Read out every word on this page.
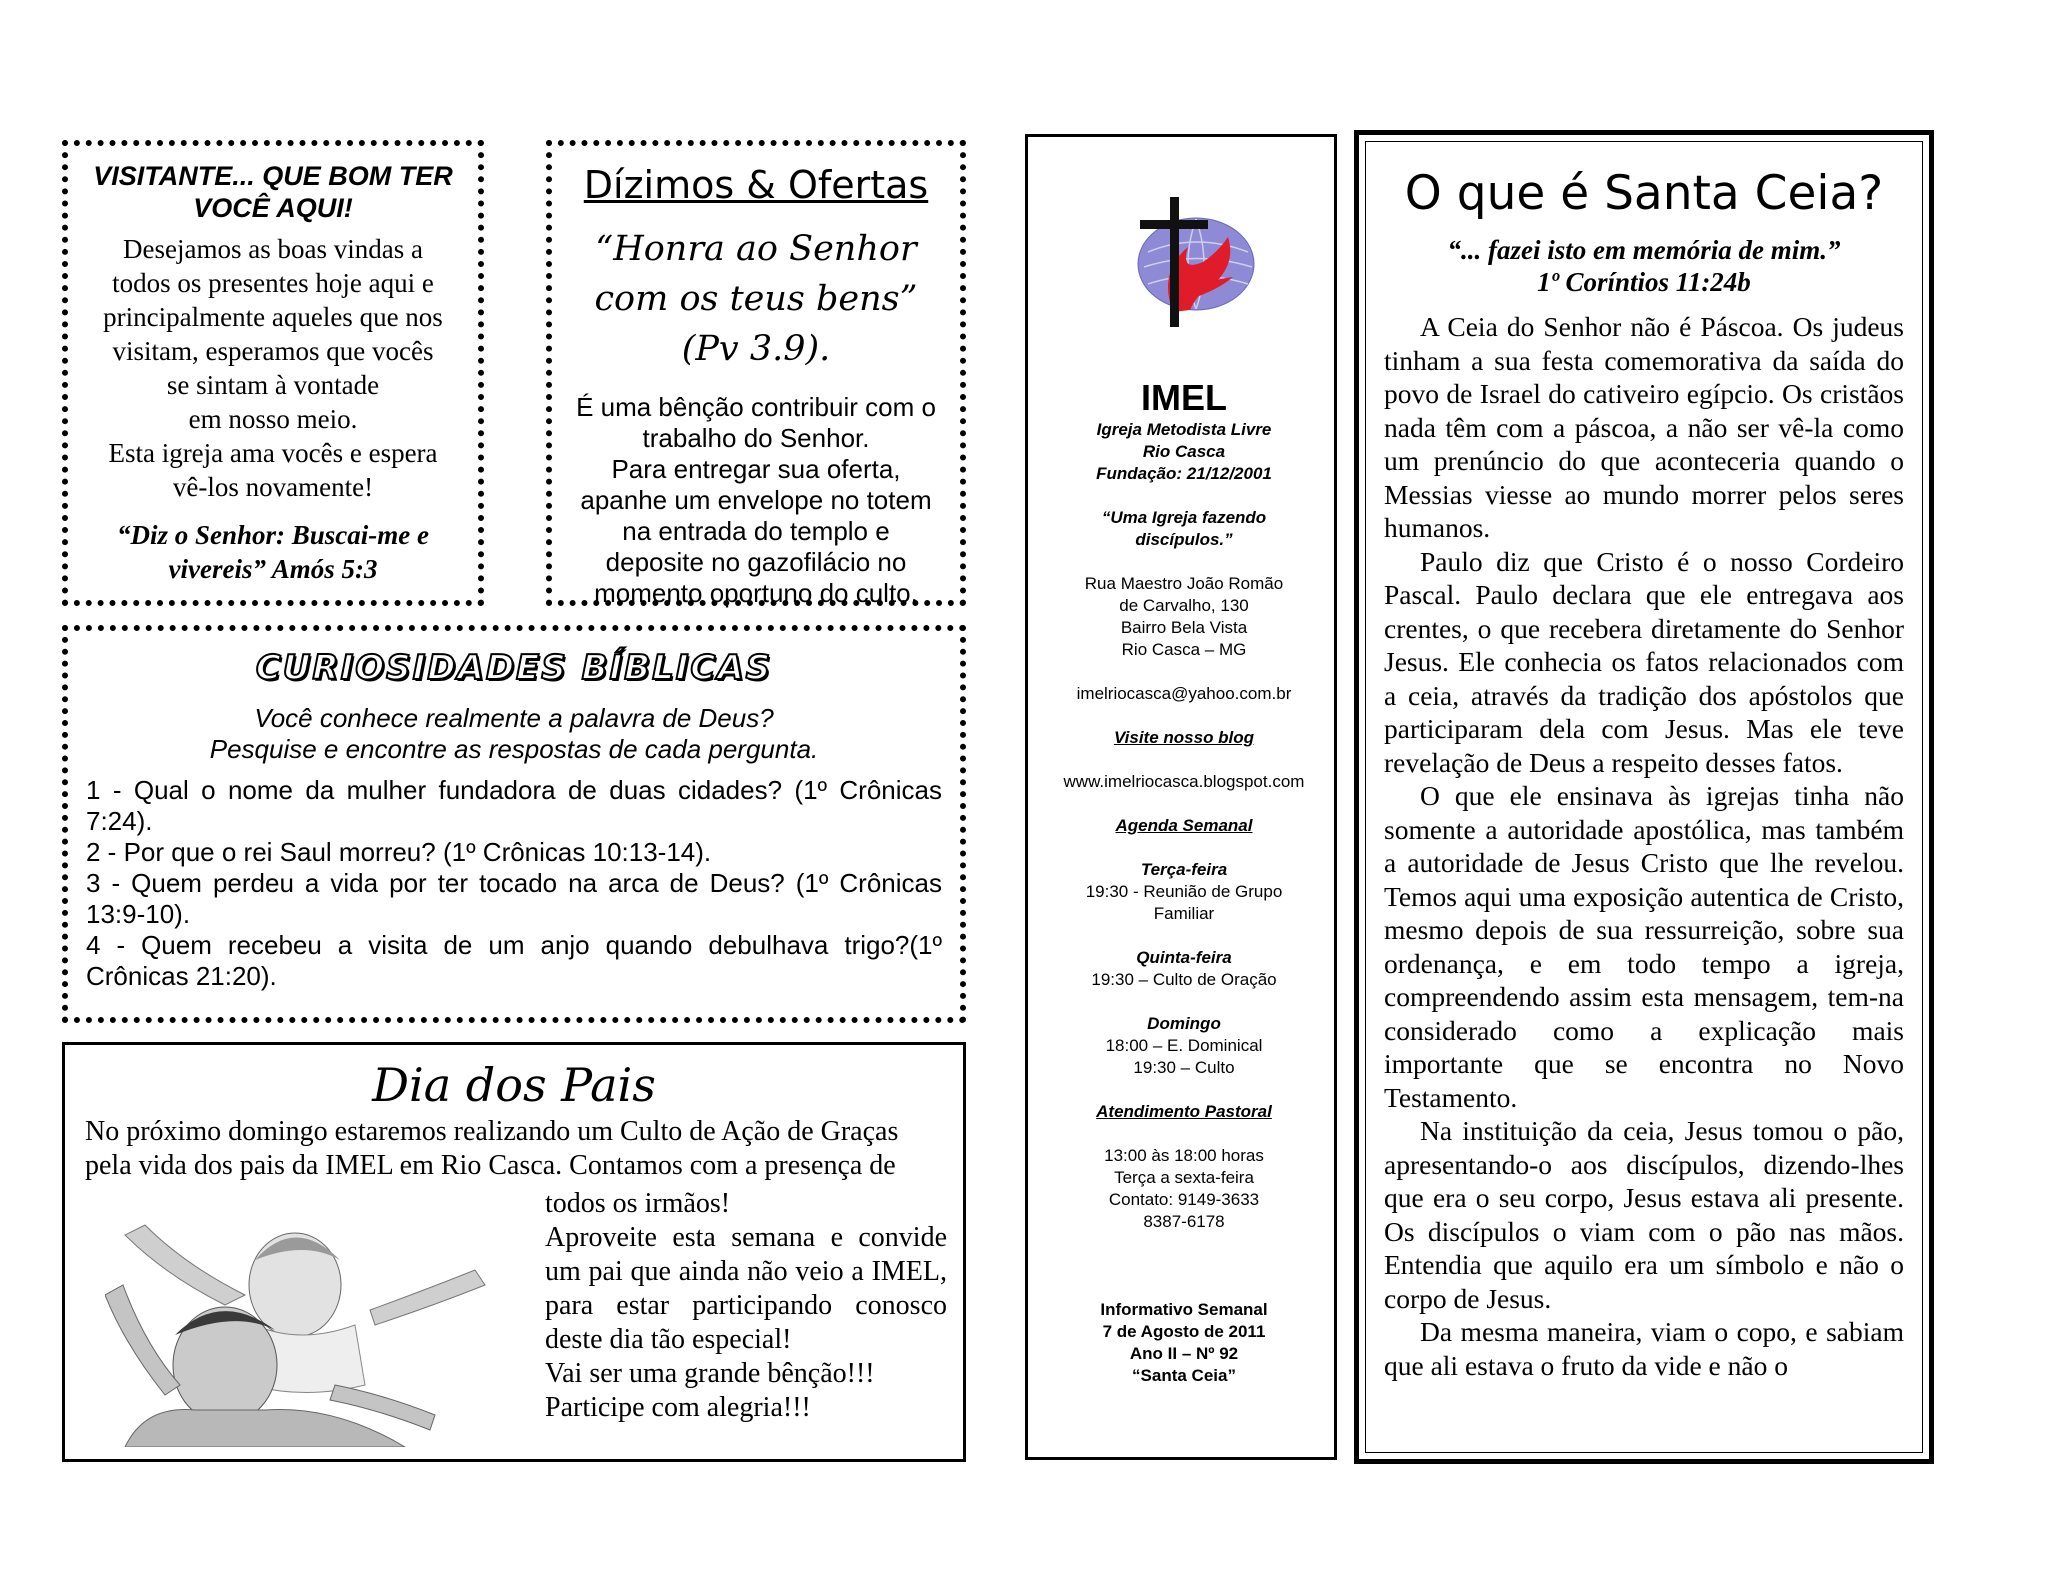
VISITANTE... QUE BOM TER VOCÊ AQUI!

Desejamos as boas vindas a

todos os presentes hoje aqui e

principalmente aqueles que nos

visitam, esperamos que vocês

se sintam à vontade

em nosso meio.

Esta igreja ama vocês e espera

vê-los novamente!

“Diz o Senhor: Buscai-me e vivereis” Amós 5:3

Dízimos & Ofertas

“Honra ao Senhor com os teus bens” (Pv 3.9).

É uma bênção contribuir com o

trabalho do Senhor.

Para entregar sua oferta,

apanhe um envelope no totem

na entrada do templo e

deposite no gazofilácio no

momento oportuno do culto.

CURIOSIDADES BÍBLICAS

Você conhece realmente a palavra de Deus?

Pesquise e encontre as respostas de cada pergunta.

1 - Qual o nome da mulher fundadora de duas cidades? (1º Crônicas 7:24).

2 - Por que o rei Saul morreu? (1º Crônicas 10:13-14).

3 - Quem perdeu a vida por ter tocado na arca de Deus? (1º Crônicas 13:9-10).

4 - Quem recebeu a visita de um anjo quando debulhava trigo?(1º Crônicas 21:20).

Dia dos Pais

No próximo domingo estaremos realizando um Culto de Ação de Graças pela vida dos pais da IMEL em Rio Casca. Contamos com a presença de

todos os irmãos!

Aproveite esta semana e convide um pai que ainda não veio a IMEL, para estar participando conosco deste dia tão especial!

Vai ser uma grande bênção!!!

Participe com alegria!!!

IMEL

Igreja Metodista Livre

Rio Casca

Fundação: 21/12/2001

“Uma Igreja fazendo discípulos.”

Rua Maestro João Romão

de Carvalho, 130

Bairro Bela Vista

Rio Casca – MG

imelriocasca@yahoo.com.br

Visite nosso blog

www.imelriocasca.blogspot.com

Agenda Semanal

Terça-feira

19:30 - Reunião de Grupo

Familiar

Quinta-feira

19:30 – Culto de Oração

Domingo

18:00 – E. Dominical

19:30 – Culto

Atendimento Pastoral

13:00 às 18:00 horas

Terça a sexta-feira

Contato: 9149-3633

8387-6178

Informativo Semanal

7 de Agosto de 2011

Ano II – Nº 92

“Santa Ceia”

O que é Santa Ceia?

“... fazei isto em memória de mim.”

1º Coríntios 11:24b

A Ceia do Senhor não é Páscoa. Os judeus tinham a sua festa comemorativa da saída do povo de Israel do cativeiro egípcio. Os cristãos nada têm com a páscoa, a não ser vê-la como um prenúncio do que aconteceria quando o Messias viesse ao mundo morrer pelos seres humanos.

Paulo diz que Cristo é o nosso Cordeiro Pascal. Paulo declara que ele entregava aos crentes, o que recebera diretamente do Senhor Jesus. Ele conhecia os fatos relacionados com a ceia, através da tradição dos apóstolos que participaram dela com Jesus. Mas ele teve revelação de Deus a respeito desses fatos.

O que ele ensinava às igrejas tinha não somente a autoridade apostólica, mas também a autoridade de Jesus Cristo que lhe revelou. Temos aqui uma exposição autentica de Cristo, mesmo depois de sua ressurreição, sobre sua ordenança, e em todo tempo a igreja, compreendendo assim esta mensagem, tem-na considerado como a explicação mais importante que se encontra no Novo Testamento.

Na instituição da ceia, Jesus tomou o pão, apresentando-o aos discípulos, dizendo-lhes que era o seu corpo, Jesus estava ali presente. Os discípulos o viam com o pão nas mãos. Entendia que aquilo era um símbolo e não o corpo de Jesus.

Da mesma maneira, viam o copo, e sabiam que ali estava o fruto da vide e não o
